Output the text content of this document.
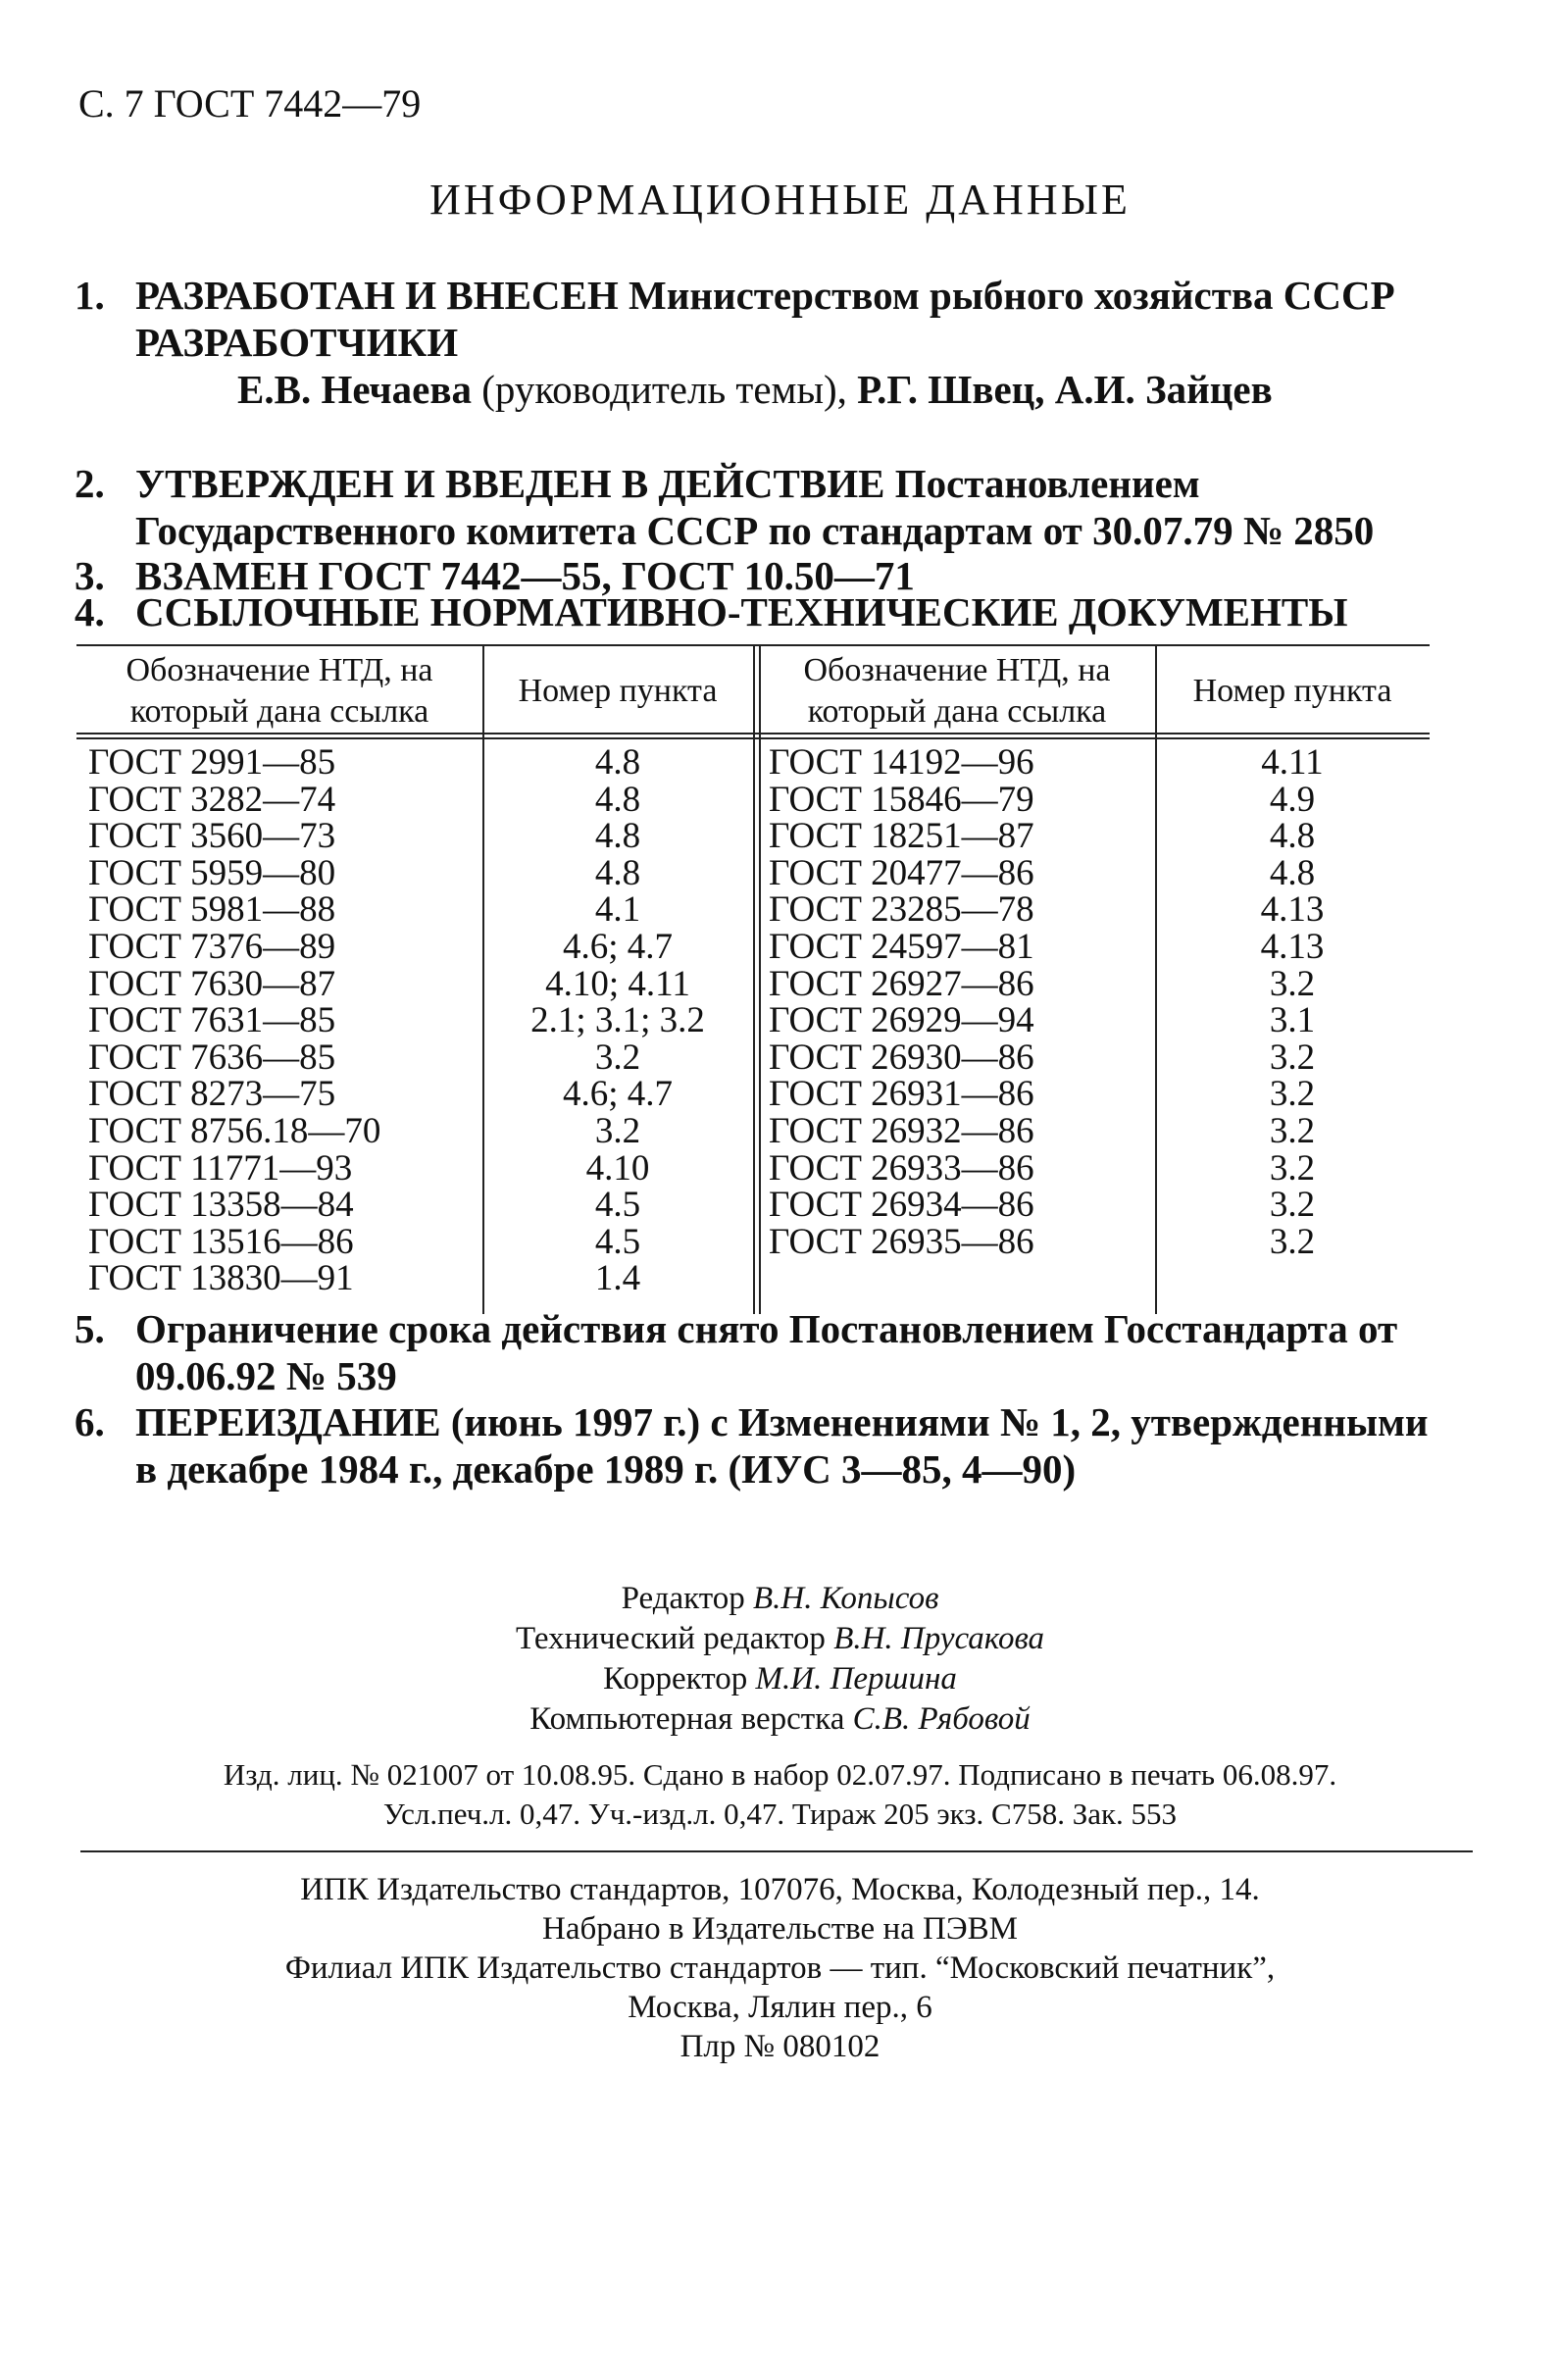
С. 7 ГОСТ 7442—79
ИНФОРМАЦИОННЫЕ ДАННЫЕ
1. РАЗРАБОТАН И ВНЕСЕН Министерством рыбного хозяйства СССР
РАЗРАБОТЧИКИ
Е.В. Нечаева (руководитель темы), Р.Г. Швец, А.И. Зайцев
2. УТВЕРЖДЕН И ВВЕДЕН В ДЕЙСТВИЕ Постановлением Государственного комитета СССР по стандартам от 30.07.79 № 2850
3. ВЗАМЕН ГОСТ 7442—55, ГОСТ 10.50—71
4. ССЫЛОЧНЫЕ НОРМАТИВНО-ТЕХНИЧЕСКИЕ ДОКУМЕНТЫ
Обозначение НТД, на
который дана ссылка
Номер пункта
Обозначение НТД, на
который дана ссылка
Номер пункта
ГОСТ 2991—85
ГОСТ 3282—74
ГОСТ 3560—73
ГОСТ 5959—80
ГОСТ 5981—88
ГОСТ 7376—89
ГОСТ 7630—87
ГОСТ 7631—85
ГОСТ 7636—85
ГОСТ 8273—75
ГОСТ 8756.18—70
ГОСТ 11771—93
ГОСТ 13358—84
ГОСТ 13516—86
ГОСТ 13830—91
4.8
4.8
4.8
4.8
4.1
4.6; 4.7
4.10; 4.11
2.1; 3.1; 3.2
3.2
4.6; 4.7
3.2
4.10
4.5
4.5
1.4
ГОСТ 14192—96
ГОСТ 15846—79
ГОСТ 18251—87
ГОСТ 20477—86
ГОСТ 23285—78
ГОСТ 24597—81
ГОСТ 26927—86
ГОСТ 26929—94
ГОСТ 26930—86
ГОСТ 26931—86
ГОСТ 26932—86
ГОСТ 26933—86
ГОСТ 26934—86
ГОСТ 26935—86
4.11
4.9
4.8
4.8
4.13
4.13
3.2
3.1
3.2
3.2
3.2
3.2
3.2
3.2
5. Ограничение срока действия снято Постановлением Госстандарта от 09.06.92 № 539
6. ПЕРЕИЗДАНИЕ (июнь 1997 г.) с Изменениями № 1, 2, утвержденными в декабре 1984 г., декабре 1989 г. (ИУС 3—85, 4—90)
Редактор В.Н. Копысов
Технический редактор В.Н. Прусакова
Корректор М.И. Першина
Компьютерная верстка С.В. Рябовой
Изд. лиц. № 021007 от 10.08.95. Сдано в набор 02.07.97. Подписано в печать 06.08.97.
Усл.печ.л. 0,47. Уч.-изд.л. 0,47. Тираж 205 экз. С758. Зак. 553
ИПК Издательство стандартов, 107076, Москва, Колодезный пер., 14.
Набрано в Издательстве на ПЭВМ
Филиал ИПК Издательство стандартов — тип. “Московский печатник”,
Москва, Лялин пер., 6
Плр № 080102
